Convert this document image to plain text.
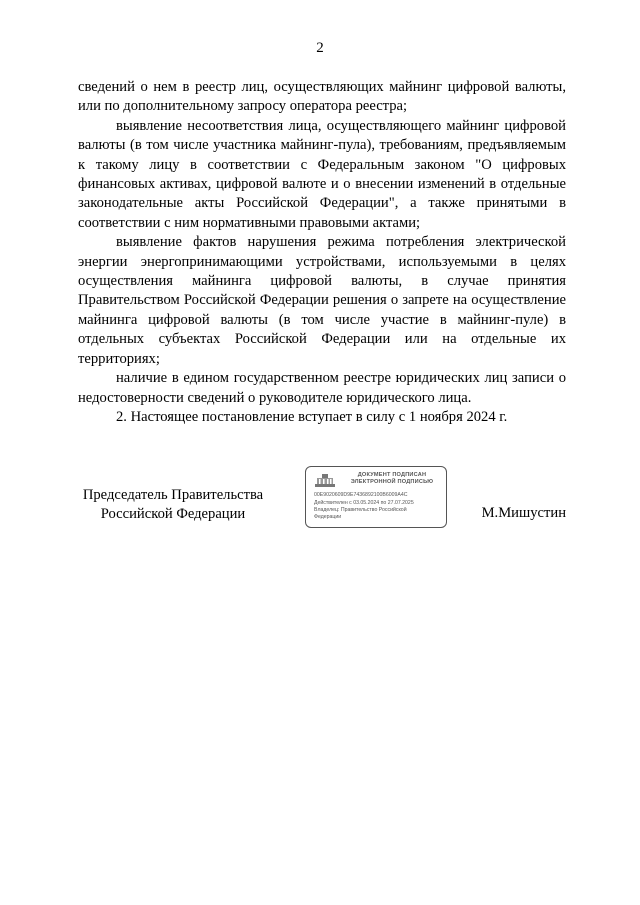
2

сведений о нем в реестр лиц, осуществляющих майнинг цифровой валюты, или по дополнительному запросу оператора реестра;

выявление несоответствия лица, осуществляющего майнинг цифровой валюты (в том числе участника майнинг-пула), требованиям, предъявляемым к такому лицу в соответствии с Федеральным законом "О цифровых финансовых активах, цифровой валюте и о внесении изменений в отдельные законодательные акты Российской Федерации", а также принятыми в соответствии с ним нормативными правовыми актами;

выявление фактов нарушения режима потребления электрической энергии энергопринимающими устройствами, используемыми в целях осуществления майнинга цифровой валюты, в случае принятия Правительством Российской Федерации решения о запрете на осуществление майнинга цифровой валюты (в том числе участие в майнинг-пуле) в отдельных субъектах Российской Федерации или на отдельные их территориях;

наличие в едином государственном реестре юридических лиц записи о недостоверности сведений о руководителе юридического лица.

2. Настоящее постановление вступает в силу с 1 ноября 2024 г.

Председатель Правительства
Российской Федерации
ДОКУМЕНТ ПОДПИСАН
ЭЛЕКТРОННОЙ ПОДПИСЬЮ
00E9020609D9E7436892100B6009A4C
Действителен с 03.05.2024 по 27.07.2025
Владелец: Правительство Российской
Федерации	М.Мишустин
